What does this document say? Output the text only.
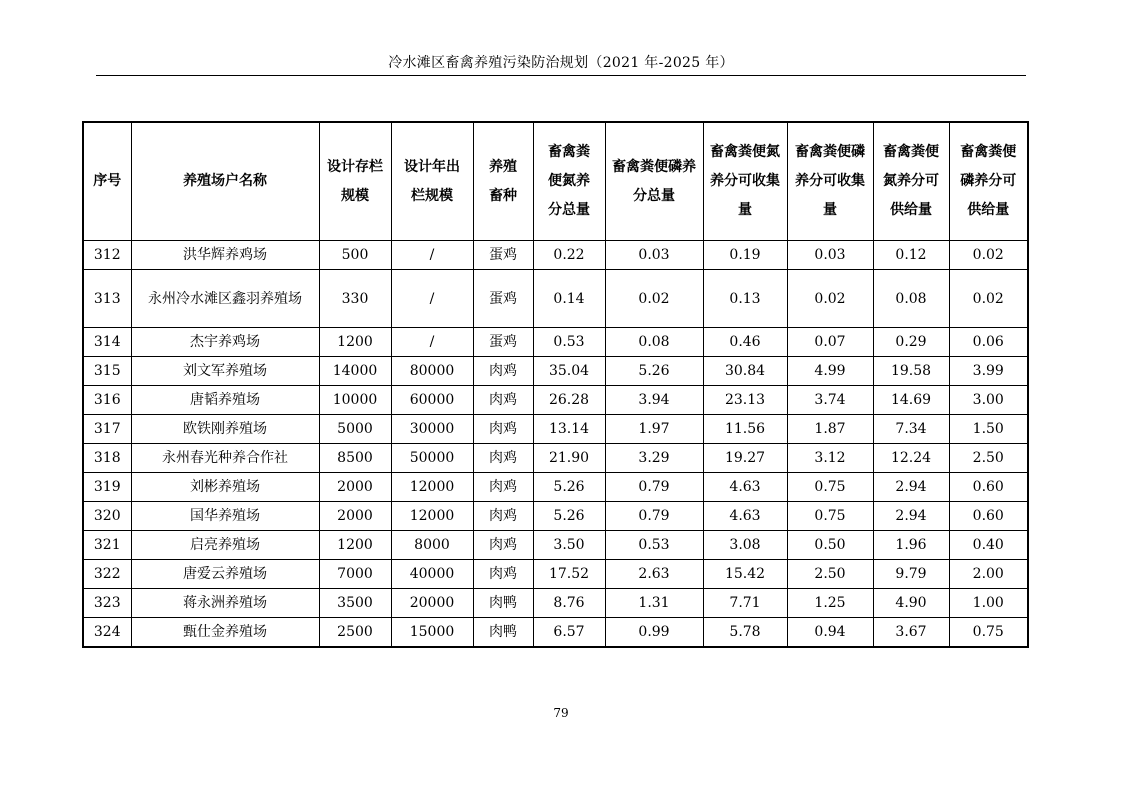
冷水滩区畜禽养殖污染防治规划（2021 年-2025 年）
序号	养殖场户名称	设计存栏规模	设计年出栏规模	养殖畜种	畜禽粪便氮养分总量	畜禽粪便磷养分总量	畜禽粪便氮养分可收集量	畜禽粪便磷养分可收集量	畜禽粪便氮养分可供给量	畜禽粪便磷养分可供给量
312	洪华辉养鸡场	500	/	蛋鸡	0.22	0.03	0.19	0.03	0.12	0.02
313	永州冷水滩区鑫羽养殖场	330	/	蛋鸡	0.14	0.02	0.13	0.02	0.08	0.02
314	杰宇养鸡场	1200	/	蛋鸡	0.53	0.08	0.46	0.07	0.29	0.06
315	刘文军养殖场	14000	80000	肉鸡	35.04	5.26	30.84	4.99	19.58	3.99
316	唐韬养殖场	10000	60000	肉鸡	26.28	3.94	23.13	3.74	14.69	3.00
317	欧铁刚养殖场	5000	30000	肉鸡	13.14	1.97	11.56	1.87	7.34	1.50
318	永州春光种养合作社	8500	50000	肉鸡	21.90	3.29	19.27	3.12	12.24	2.50
319	刘彬养殖场	2000	12000	肉鸡	5.26	0.79	4.63	0.75	2.94	0.60
320	国华养殖场	2000	12000	肉鸡	5.26	0.79	4.63	0.75	2.94	0.60
321	启亮养殖场	1200	8000	肉鸡	3.50	0.53	3.08	0.50	1.96	0.40
322	唐爱云养殖场	7000	40000	肉鸡	17.52	2.63	15.42	2.50	9.79	2.00
323	蒋永洲养殖场	3500	20000	肉鸭	8.76	1.31	7.71	1.25	4.90	1.00
324	甄仕金养殖场	2500	15000	肉鸭	6.57	0.99	5.78	0.94	3.67	0.75
79
